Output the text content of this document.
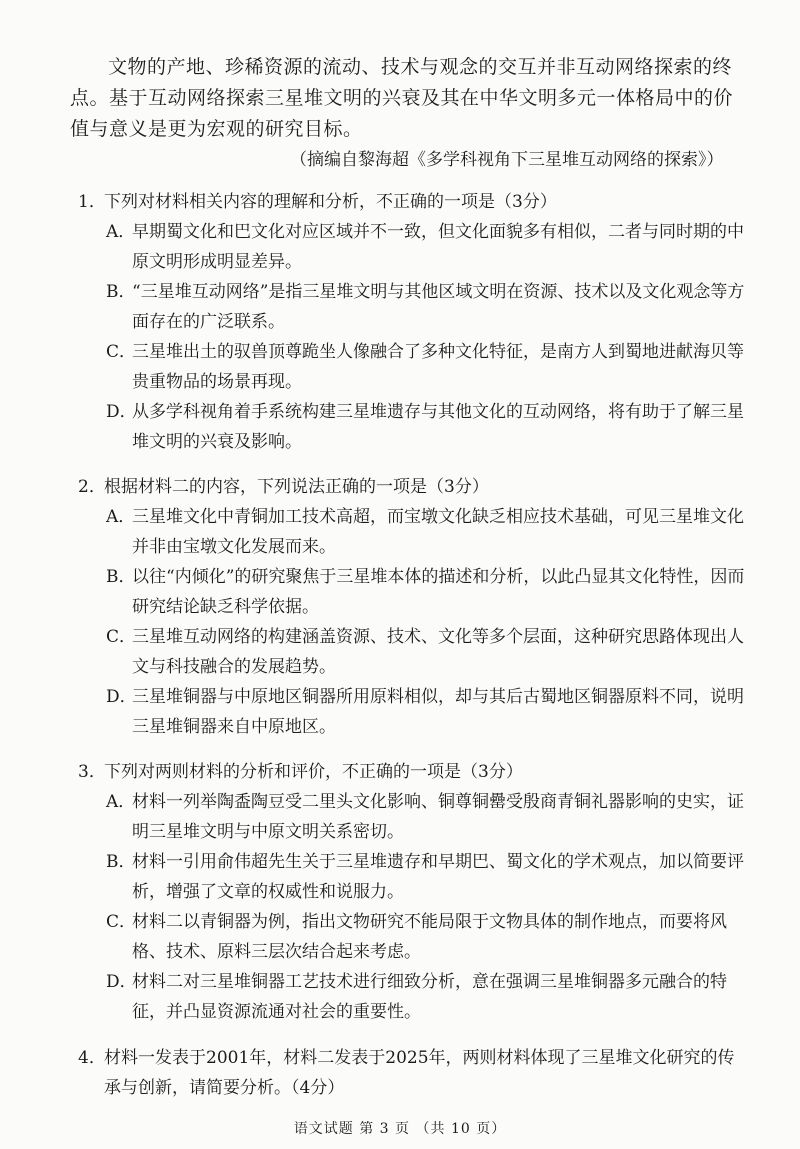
文物的产地、珍稀资源的流动、技术与观念的交互并非互动网络探索的终点。基于互动网络探索三星堆文明的兴衰及其在中华文明多元一体格局中的价值与意义是更为宏观的研究目标。

（摘编自黎海超《多学科视角下三星堆互动网络的探索》）
1．
下列对材料相关内容的理解和分析，不正确的一项是（3分）
A．
早期蜀文化和巴文化对应区域并不一致，但文化面貌多有相似，二者与同时期的中原文明形成明显差异。
B．
“三星堆互动网络”是指三星堆文明与其他区域文明在资源、技术以及文化观念等方面存在的广泛联系。
C．
三星堆出土的驭兽顶尊跪坐人像融合了多种文化特征，是南方人到蜀地进献海贝等贵重物品的场景再现。
D．
从多学科视角着手系统构建三星堆遗存与其他文化的互动网络，将有助于了解三星堆文明的兴衰及影响。
2．
根据材料二的内容，下列说法正确的一项是（3分）
A．
三星堆文化中青铜加工技术高超，而宝墩文化缺乏相应技术基础，可见三星堆文化并非由宝墩文化发展而来。
B．
以往“内倾化”的研究聚焦于三星堆本体的描述和分析，以此凸显其文化特性，因而研究结论缺乏科学依据。
C．
三星堆互动网络的构建涵盖资源、技术、文化等多个层面，这种研究思路体现出人文与科技融合的发展趋势。
D．
三星堆铜器与中原地区铜器所用原料相似，却与其后古蜀地区铜器原料不同，说明三星堆铜器来自中原地区。
3．
下列对两则材料的分析和评价，不正确的一项是（3分）
A．
材料一列举陶盉陶豆受二里头文化影响、铜尊铜罍受殷商青铜礼器影响的史实，证明三星堆文明与中原文明关系密切。
B．
材料一引用俞伟超先生关于三星堆遗存和早期巴、蜀文化的学术观点，加以简要评析，增强了文章的权威性和说服力。
C．
材料二以青铜器为例，指出文物研究不能局限于文物具体的制作地点，而要将风格、技术、原料三层次结合起来考虑。
D．
材料二对三星堆铜器工艺技术进行细致分析，意在强调三星堆铜器多元融合的特征，并凸显资源流通对社会的重要性。
4．
材料一发表于2001年，材料二发表于2025年，两则材料体现了三星堆文化研究的传承与创新，请简要分析。（4分）
语文试题 第 3 页 （共 10 页）
